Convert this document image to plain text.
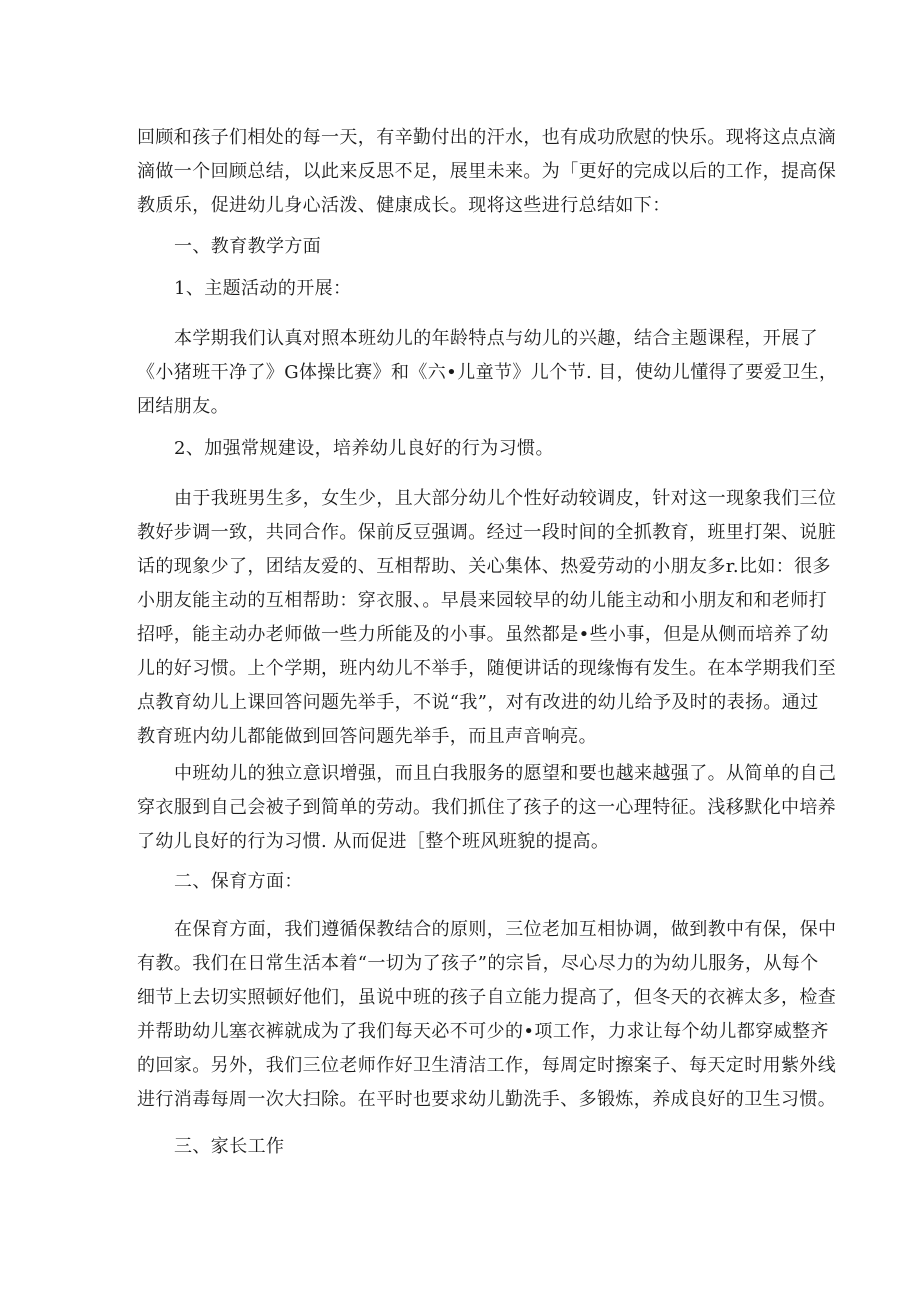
回顾和孩子们相处的每一天，有辛勤付出的汗水，也有成功欣慰的快乐。现将这点点滴
滴做一个回顾总结，以此来反思不足，展里未来。为「更好的完成以后的工作，提高保
教质乐，促进幼儿身心活泼、健康成长。现将这些进行总结如下：
一、教育教学方面
1、主题活动的开展：
本学期我们认真对照本班幼儿的年龄特点与幼儿的兴趣，结合主题课程，开展了
《小猪班干净了》G体操比赛》和《六•儿童节》儿个节. 目，使幼儿懂得了要爱卫生，
团结朋友。
2、加强常规建设，培养幼儿良好的行为习惯。
由于我班男生多，女生少，且大部分幼儿个性好动较调皮，针对这一现象我们三位
教好步调一致，共同合作。保前反豆强调。经过一段时间的全抓教育，班里打架、说脏
话的现象少了，团结友爱的、互相帮助、关心集体、热爱劳动的小朋友多r.比如：很多
小朋友能主动的互相帮助：穿衣服、。早晨来园较早的幼儿能主动和小朋友和和老师打
招呼，能主动办老师做一些力所能及的小事。虽然都是•些小事，但是从侧而培养了幼
儿的好习惯。上个学期，班内幼儿不举手，随便讲话的现缘悔有发生。在本学期我们至
点教育幼儿上课回答问题先举手，不说“我”，对有改进的幼儿给予及时的表扬。通过
教育班内幼儿都能做到回答问题先举手，而且声音响亮。
中班幼儿的独立意识增强，而且白我服务的愿望和要也越来越强了。从简单的自己
穿衣服到自己会被子到简单的劳动。我们抓住了孩子的这一心理特征。浅移默化中培养
了幼儿良好的行为习惯. 从而促进［整个班风班貌的提高。
二、保育方面：
在保育方面，我们遵循保教结合的原则，三位老加互相协调，做到教中有保，保中
有教。我们在日常生活本着“一切为了孩子”的宗旨，尽心尽力的为幼儿服务，从每个
细节上去切实照顿好他们，虽说中班的孩子自立能力提高了，但冬天的衣裤太多，检查
并帮助幼儿塞衣裤就成为了我们每天必不可少的•项工作，力求让每个幼儿都穿威整齐
的回家。另外，我们三位老师作好卫生清洁工作，每周定时擦案子、每天定时用紫外线
进行消毒每周一次大扫除。在平时也要求幼儿勤洗手、多锻炼，养成良好的卫生习惯。
三、家长工作
